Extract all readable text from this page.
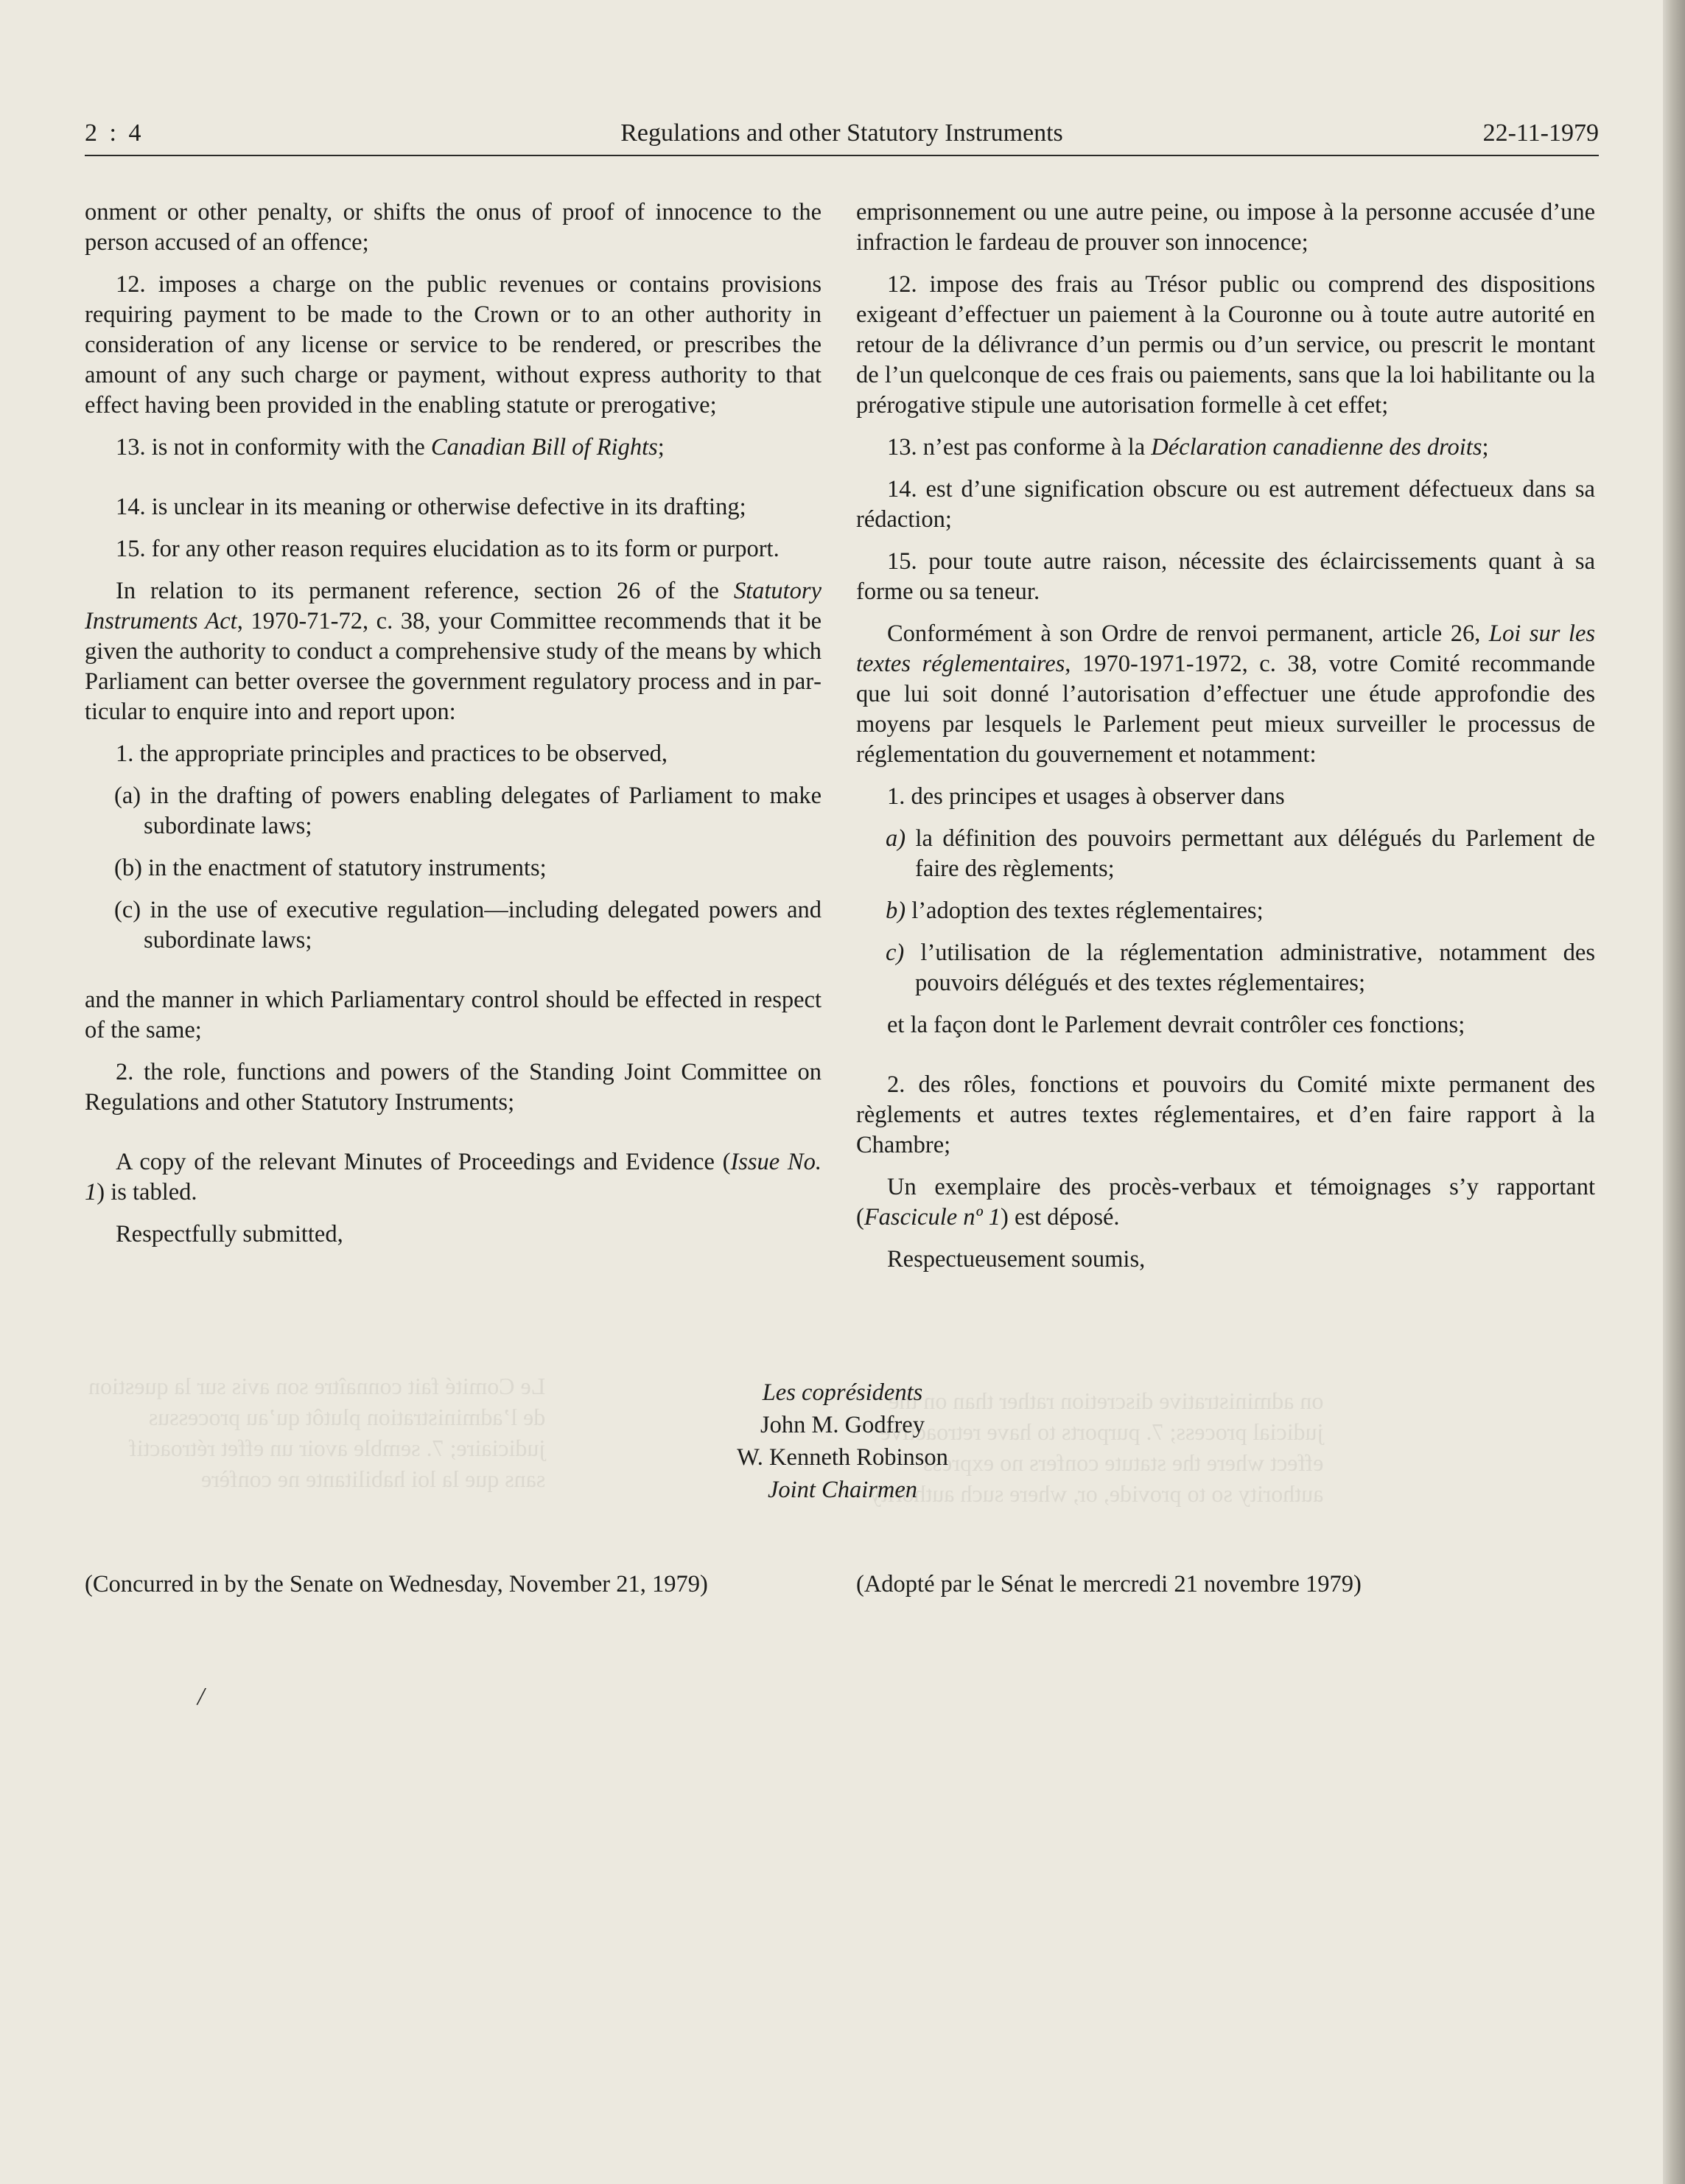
Le Comité fait connaître son avis sur la question
de l’administration plutôt qu’au processus
judiciaire; 7. semble avoir un effet rétroactif
sans que la loi habilitante ne confère
on administrative discretion rather than on the
judicial process; 7. purports to have retroactive
effect where the statute confers no express
authority so to provide, or, where such authority
2 : 4	Regulations and other Statutory Instruments	22-11-1979

onment or other penalty, or shifts the onus of proof of innocence to the person accused of an offence;

12. imposes a charge on the public revenues or contains provisions requiring payment to be made to the Crown or to an other authority in consideration of any license or service to be rendered, or prescribes the amount of any such charge or payment, without express authority to that effect having been provided in the enabling statute or prerogative;

13. is not in conformity with the Canadian Bill of Rights;

14. is unclear in its meaning or otherwise defective in its drafting;

15. for any other reason requires elucidation as to its form or purport.

In relation to its permanent reference, section 26 of the Statutory Instruments Act, 1970-71-72, c. 38, your Committee recommends that it be given the authority to conduct a comprehensive study of the means by which Parliament can better oversee the government regulatory process and in particular to enquire into and report upon:

1. the appropriate principles and practices to be observed,

(a) in the drafting of powers enabling delegates of Parliament to make subordinate laws;

(b) in the enactment of statutory instruments;

(c) in the use of executive regulation—including delegated powers and subordinate laws;

and the manner in which Parliamentary control should be effected in respect of the same;

2. the role, functions and powers of the Standing Joint Committee on Regulations and other Statutory Instruments;

A copy of the relevant Minutes of Proceedings and Evidence (Issue No. 1) is tabled.

Respectfully submitted,

emprisonnement ou une autre peine, ou impose à la personne accusée d’une infraction le fardeau de prouver son innocence;

12. impose des frais au Trésor public ou comprend des dispositions exigeant d’effectuer un paiement à la Couronne ou à toute autre autorité en retour de la délivrance d’un permis ou d’un service, ou prescrit le montant de l’un quelconque de ces frais ou paiements, sans que la loi habilitante ou la prérogative stipule une autorisation formelle à cet effet;

13. n’est pas conforme à la Déclaration canadienne des droits;

14. est d’une signification obscure ou est autrement défectueux dans sa rédaction;

15. pour toute autre raison, nécessite des éclaircissements quant à sa forme ou sa teneur.

Conformément à son Ordre de renvoi permanent, article 26, Loi sur les textes réglementaires, 1970-1971-1972, c. 38, votre Comité recommande que lui soit donné l’autorisation d’effectuer une étude approfondie des moyens par lesquels le Parlement peut mieux surveiller le processus de réglementation du gouvernement et notamment:

1. des principes et usages à observer dans

a) la définition des pouvoirs permettant aux délégués du Parlement de faire des règlements;

b) l’adoption des textes réglementaires;

c) l’utilisation de la réglementation administrative, notamment des pouvoirs délégués et des textes réglementaires;

et la façon dont le Parlement devrait contrôler ces fonctions;

2. des rôles, fonctions et pouvoirs du Comité mixte permanent des règlements et autres textes réglementaires, et d’en faire rapport à la Chambre;

Un exemplaire des procès-verbaux et témoignages s’y rapportant (Fascicule nº 1) est déposé.

Respectueusement soumis,

Les coprésidents
John M. Godfrey
W. Kenneth Robinson
Joint Chairmen
(Concurred in by the Senate on Wednesday, November 21, 1979)	(Adopté par le Sénat le mercredi 21 novembre 1979)
/
